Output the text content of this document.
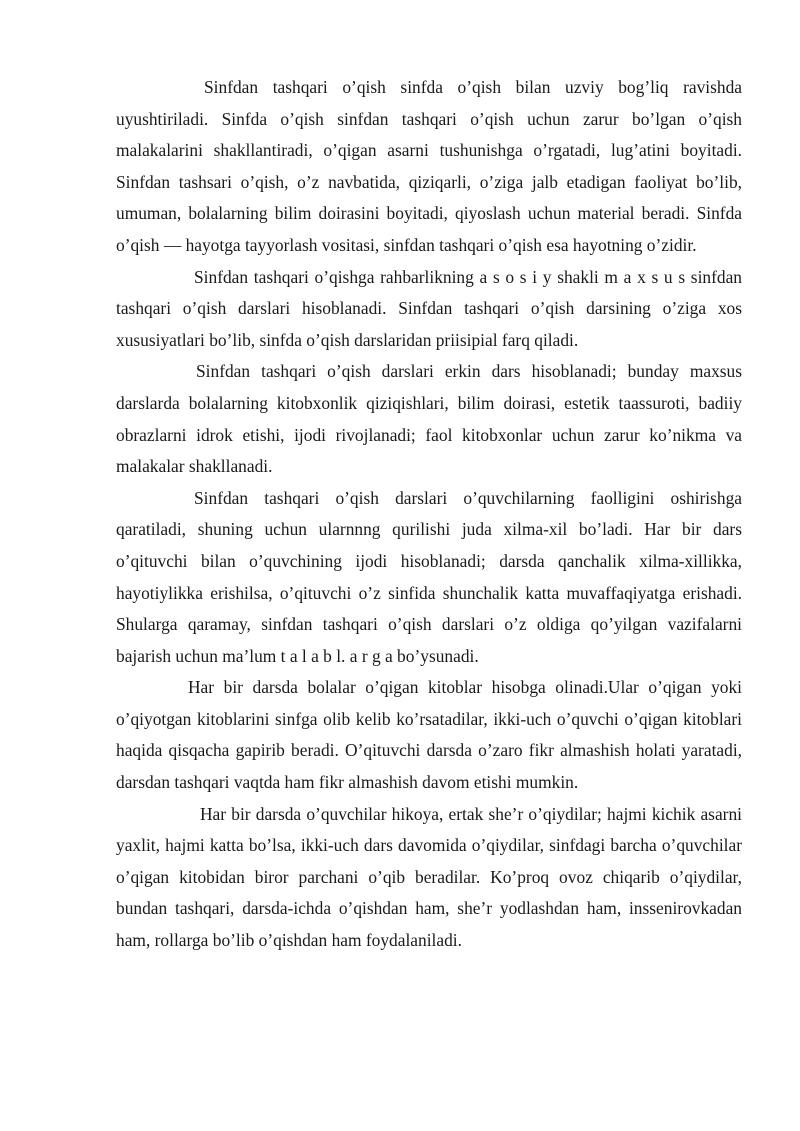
Sinfdan tashqari o’qish sinfda o’qish bilan uzviy bog’liq ravishda uyushtiriladi. Sinfda o’qish sinfdan tashqari o’qish uchun zarur bo’lgan o’qish malakalarini shakllantiradi, o’qigan asarni tushunishga o’rgatadi, lug’atini boyitadi. Sinfdan tashsari o’qish, o’z navbatida, qiziqarli, o’ziga jalb etadigan faoliyat bo’lib, umuman, bolalarning bilim doirasini boyitadi, qiyoslash uchun material beradi. Sinfda o’qish — hayotga tayyorlash vositasi, sinfdan tashqari o’qish esa hayotning o’zidir.

Sinfdan tashqari o’qishga rahbarlikning a s o s i y shakli m a x s u s sinfdan tashqari o’qish darslari hisoblanadi. Sinfdan tashqari o’qish darsining o’ziga xos xususiyatlari bo’lib, sinfda o’qish darslaridan priisipial farq qiladi.

Sinfdan tashqari o’qish darslari erkin dars hisoblanadi; bunday maxsus darslarda bolalarning kitobxonlik qiziqishlari, bilim doirasi, estetik taassuroti, badiiy obrazlarni idrok etishi, ijodi rivojlanadi; faol kitobxonlar uchun zarur ko’nikma va malakalar shakllanadi.

Sinfdan tashqari o’qish darslari o’quvchilarning faolligini oshirishga qaratiladi, shuning uchun ularnnng qurilishi juda xilma-xil bo’ladi. Har bir dars o’qituvchi bilan o’quvchining ijodi hisoblanadi; darsda qanchalik xilma-xillikka, hayotiylikka erishilsa, o’qituvchi o’z sinfida shunchalik katta muvaffaqiyatga erishadi. Shularga qaramay, sinfdan tashqari o’qish darslari o’z oldiga qo’yilgan vazifalarni bajarish uchun ma’lum t a l a b l. a r g a bo’ysunadi.

Har bir darsda bolalar o’qigan kitoblar hisobga olinadi.Ular o’qigan yoki o’qiyotgan kitoblarini sinfga olib kelib ko’rsatadilar, ikki-uch o’quvchi o’qigan kitoblari haqida qisqacha gapirib beradi. O’qituvchi darsda o’zaro fikr almashish holati yaratadi, darsdan tashqari vaqtda ham fikr almashish davom etishi mumkin.

Har bir darsda o’quvchilar hikoya, ertak she’r o’qiydilar; hajmi kichik asarni yaxlit, hajmi katta bo’lsa, ikki-uch dars davomida o’qiydilar, sinfdagi barcha o’quvchilar o’qigan kitobidan biror parchani o’qib beradilar. Ko’proq ovoz chiqarib o’qiydilar, bundan tashqari, darsda-ichda o’qishdan ham, she’r yodlashdan ham, inssenirovkadan ham, rollarga bo’lib o’qishdan ham foydalaniladi.
